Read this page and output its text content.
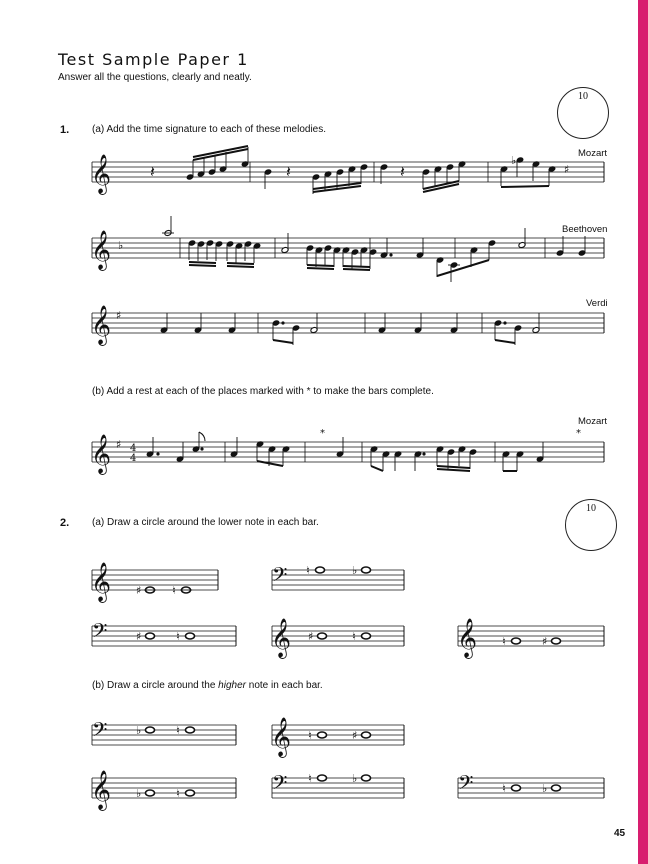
Test Sample Paper 1
Answer all the questions, clearly and neatly.
10
1. (a) Add the time signature to each of these melodies.
Mozart
Beethoven
Verdi
(b) Add a rest at each of the places marked with * to make the bars complete.
Mozart
10
2. (a) Draw a circle around the lower note in each bar.
(b) Draw a circle around the higher note in each bar.
45
𝄞 𝄽	𝄽	𝄽
♭
♯
𝄞 ♭
𝄞 ♯
𝄞 ♯ 4
4
*	*
𝄞 ♯	♮	𝄢 ♮	♭
𝄢	♯	♮	𝄞 ♯	♮	𝄞 ♮	♯
𝄢	♭	♮	𝄞 ♮	♯
𝄞 ♭	♮	𝄢 ♮	♭	𝄢	♮	♭
